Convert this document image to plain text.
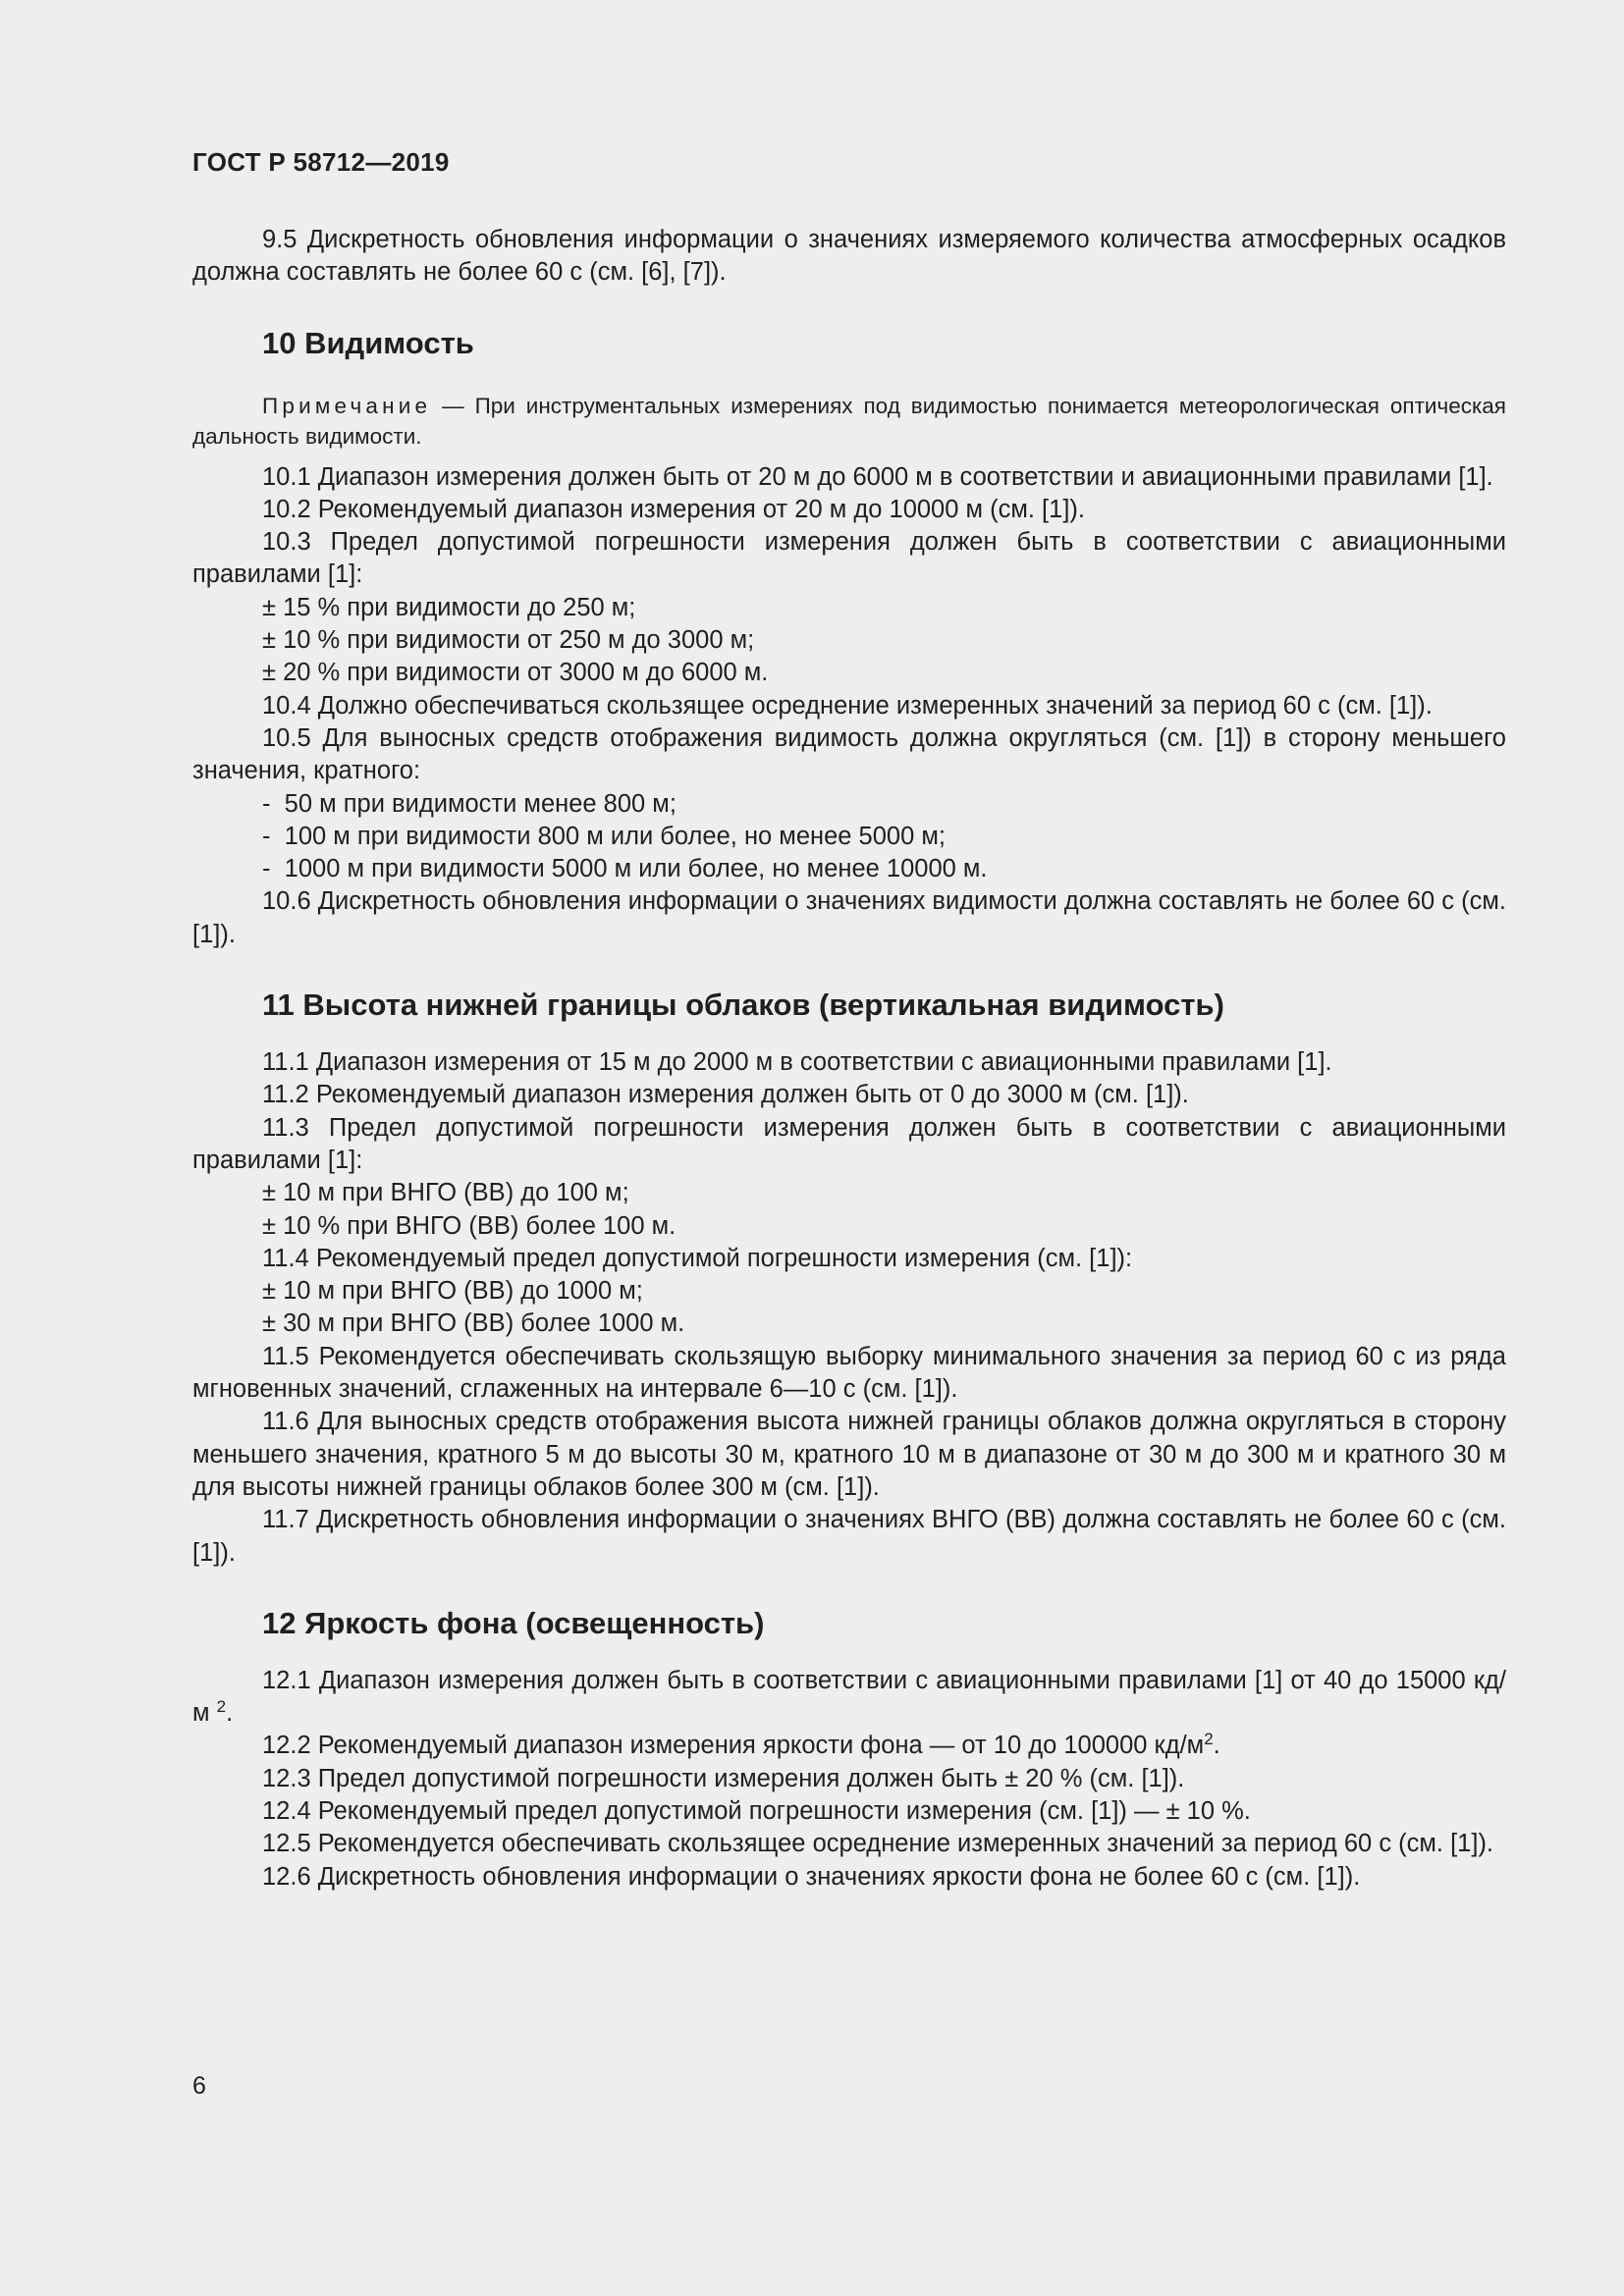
ГОСТ Р 58712—2019

9.5 Дискретность обновления информации о значениях измеряемого количества атмосферных осадков должна составлять не более 60 с (см. [6], [7]).

10 Видимость

Примечание — При инструментальных измерениях под видимостью понимается метеорологическая оптическая дальность видимости.

10.1 Диапазон измерения должен быть от 20 м до 6000 м в соответствии и авиационными правилами [1].

10.2 Рекомендуемый диапазон измерения от 20 м до 10000 м (см. [1]).

10.3 Предел допустимой погрешности измерения должен быть в соответствии с авиационными правилами [1]:

± 15 % при видимости до 250 м;

± 10 % при видимости от 250 м до 3000 м;

± 20 % при видимости от 3000 м до 6000 м.

10.4 Должно обеспечиваться скользящее осреднение измеренных значений за период 60 с (см. [1]).

10.5 Для выносных средств отображения видимость должна округляться (см. [1]) в сторону меньшего значения, кратного:

-  50 м при видимости менее 800 м;

-  100 м при видимости 800 м или более, но менее 5000 м;

-  1000 м при видимости 5000 м или более, но менее 10000 м.

10.6 Дискретность обновления информации о значениях видимости должна составлять не более 60 с (см. [1]).

11 Высота нижней границы облаков (вертикальная видимость)

11.1 Диапазон измерения от 15 м до 2000 м в соответствии с авиационными правилами [1].

11.2 Рекомендуемый диапазон измерения должен быть от 0 до 3000 м (см. [1]).

11.3 Предел допустимой погрешности измерения должен быть в соответствии с авиационными правилами [1]:

± 10 м при ВНГО (ВВ) до 100 м;

± 10 % при ВНГО (ВВ) более 100 м.

11.4 Рекомендуемый предел допустимой погрешности измерения (см. [1]):

± 10 м при ВНГО (ВВ) до 1000 м;

± 30 м при ВНГО (ВВ) более 1000 м.

11.5 Рекомендуется обеспечивать скользящую выборку минимального значения за период 60 с из ряда мгновенных значений, сглаженных на интервале 6—10 с (см. [1]).

11.6 Для выносных средств отображения высота нижней границы облаков должна округляться в сторону меньшего значения, кратного 5 м до высоты 30 м, кратного 10 м в диапазоне от 30 м до 300 м и кратного 30 м для высоты нижней границы облаков более 300 м (см. [1]).

11.7 Дискретность обновления информации о значениях ВНГО (ВВ) должна составлять не более 60 с (см. [1]).

12 Яркость фона (освещенность)

12.1 Диапазон измерения должен быть в соответствии с авиационными правилами [1] от 40 до 15000 кд/м $^2$.

12.2 Рекомендуемый диапазон измерения яркости фона — от 10 до 100000 $кд/м^2$.

12.3 Предел допустимой погрешности измерения должен быть ± 20 % (см. [1]).

12.4 Рекомендуемый предел допустимой погрешности измерения (см. [1]) — ± 10 %.

12.5 Рекомендуется обеспечивать скользящее осреднение измеренных значений за период 60 с (см. [1]).

12.6 Дискретность обновления информации о значениях яркости фона не более 60 с (см. [1]).

6
